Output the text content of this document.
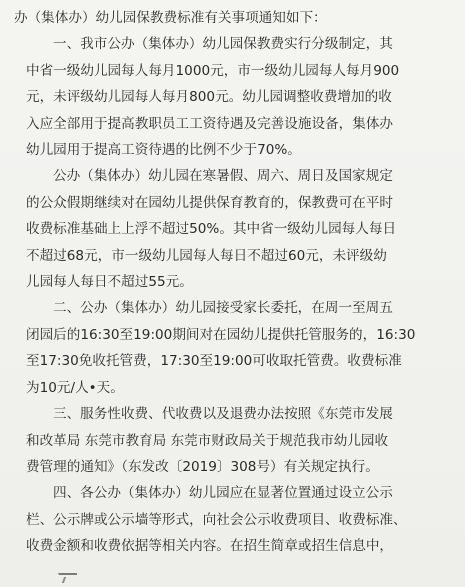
办（集体办）幼儿园保教费标准有关事项通知如下：

一、我市公办（集体办）幼儿园保教费实行分级制定，其
中省一级幼儿园每人每月1000元，市一级幼儿园每人每月900
元，未评级幼儿园每人每月800元。幼儿园调整收费增加的收
入应全部用于提高教职员工工资待遇及完善设施设备，集体办
幼儿园用于提高工资待遇的比例不少于70%。

公办（集体办）幼儿园在寒暑假、周六、周日及国家规定
的公众假期继续对在园幼儿提供保育教育的，保教费可在平时
收费标准基础上上浮不超过50%。其中省一级幼儿园每人每日
不超过68元，市一级幼儿园每人每日不超过60元，未评级幼
儿园每人每日不超过55元。

二、公办（集体办）幼儿园接受家长委托，在周一至周五
闭园后的16:30至19:00期间对在园幼儿提供托管服务的，16:30
至17:30免收托管费，17:30至19:00可收取托管费。收费标准
为10元/人•天。

三、服务性收费、代收费以及退费办法按照《东莞市发展
和改革局 东莞市教育局 东莞市财政局关于规范我市幼儿园收
费管理的通知》（东发改〔2019〕308号）有关规定执行。

四、各公办（集体办）幼儿园应在显著位置通过设立公示
栏、公示牌或公示墙等形式，向社会公示收费项目、收费标准、
收费金额和收费依据等相关内容。在招生简章或招生信息中，
